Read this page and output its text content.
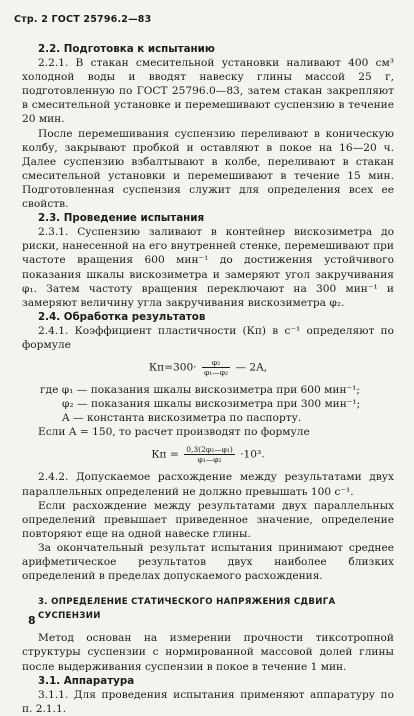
Стр. 2 ГОСТ 25796.2—83
2.2. Подготовка к испытанию

2.2.1. В стакан смесительной установки наливают 400 см³ холодной воды и вводят навеску глины массой 25 г, подготовленную по ГОСТ 25796.0—83, затем стакан закрепляют в смесительной установке и перемешивают суспензию в течение 20 мин.

После перемешивания суспензию переливают в коническую колбу, закрывают пробкой и оставляют в покое на 16—20 ч. Далее суспензию взбалтывают в колбе, переливают в стакан смесительной установки и перемешивают в течение 15 мин. Подготовленная суспензия служит для определения всех ее свойств.

2.3. Проведение испытания

2.3.1. Суспензию заливают в контейнер вискозиметра до риски, нанесенной на его внутренней стенке, перемешивают при частоте вращения 600 мин⁻¹ до достижения устойчивого показания шкалы вискозиметра и замеряют угол закручивания φ₁. Затем частоту вращения переключают на 300 мин⁻¹ и замеряют величину угла закручивания вискозиметра φ₂.

2.4. Обработка результатов

2.4.1. Коэффициент пластичности (Кп) в с⁻¹ определяют по формуле

$Кп=300\cdot \frac{\text{φ₂}}{\text{φ₁—φ₂}}$ — 2A,
где φ₁ — показания шкалы вискозиметра при 600 мин⁻¹;
φ₂ — показания шкалы вискозиметра при 300 мин⁻¹;
A — константа вискозиметра по паспорту.

Если A = 150, то расчет производят по формуле

Кп = $\frac{\text{0,3(2φ₂—φ₁)}}{\text{φ₁—φ₂}} \cdot 10^3$.

2.4.2. Допускаемое расхождение между результатами двух параллельных определений не должно превышать 100 с⁻¹.

Если расхождение между результатами двух параллельных определений превышает приведенное значение, определение повторяют еще на одной навеске глины.

За окончательный результат испытания принимают среднее арифметическое результатов двух наиболее близких определений в пределах допускаемого расхождения.

3. ОПРЕДЕЛЕНИЕ СТАТИЧЕСКОГО НАПРЯЖЕНИЯ СДВИГА СУСПЕНЗИИ

Метод основан на измерении прочности тиксотропной структуры суспензии с нормированной массовой долей глины после выдерживания суспензии в покое в течение 1 мин.

3.1. Аппаратура

3.1.1. Для проведения испытания применяют аппаратуру по п. 2.1.1.

8
